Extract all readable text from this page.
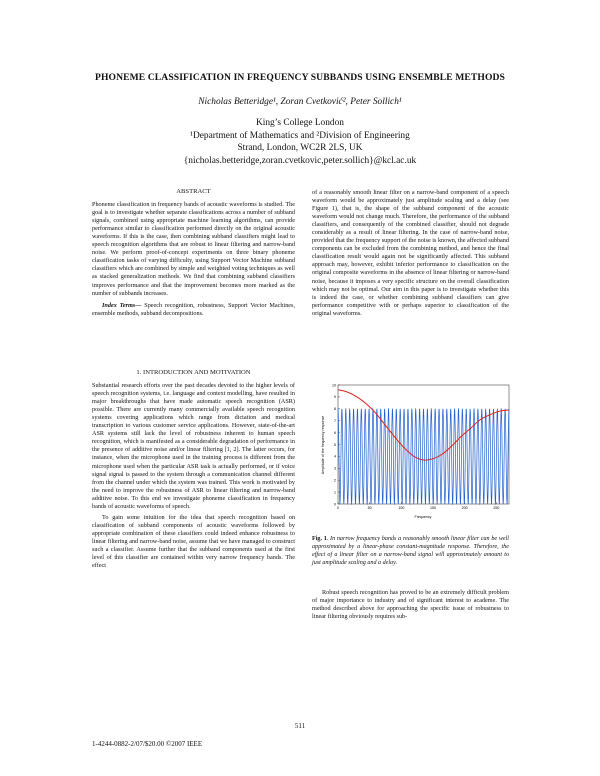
PHONEME CLASSIFICATION IN FREQUENCY SUBBANDS USING ENSEMBLE METHODS
Nicholas Betteridge¹, Zoran Cvetković², Peter Sollich¹
King’s College London
¹Department of Mathematics and ²Division of Engineering
Strand, London, WC2R 2LS, UK
{nicholas.betteridge,zoran.cvetkovic,peter.sollich}@kcl.ac.uk

ABSTRACT

Phoneme classification in frequency bands of acoustic waveforms is studied. The goal is to investigate whether separate classifications across a number of subband signals, combined using appropriate machine learning algorithms, can provide performance similar to classification performed directly on the original acoustic waveforms. If this is the case, then combining subband classifiers might lead to speech recognition algorithms that are robust to linear filtering and narrow-band noise. We perform proof-of-concept experiments on three binary phoneme classification tasks of varying difficulty, using Support Vector Machine subband classifiers which are combined by simple and weighted voting techniques as well as stacked generalization methods. We find that combining subband classifiers improves performance and that the improvement becomes more marked as the number of subbands increases.

Index Terms— Speech recognition, robustness, Support Vector Machines, ensemble methods, subband decompositions.

1. INTRODUCTION AND MOTIVATION

Substantial research efforts over the past decades devoted to the higher levels of speech recognition systems, i.e. language and context modelling, have resulted in major breakthroughs that have made automatic speech recognition (ASR) possible. There are currently many commercially available speech recognition systems covering applications which range from dictation and medical transcription to various customer service applications. However, state-of-the-art ASR systems still lack the level of robustness inherent to human speech recognition, which is manifested as a considerable degradation of performance in the presence of additive noise and/or linear filtering [1, 2]. The latter occurs, for instance, when the microphone used in the training process is different from the microphone used when the particular ASR task is actually performed, or if voice signal signal is passed to the system through a communication channel different from the channel under which the system was trained. This work is motivated by the need to improve the robustness of ASR to linear filtering and narrow-band additive noise. To this end we investigate phoneme classification in frequency bands of acoustic waveforms of speech.

To gain some intuition for the idea that speech recognition based on classification of subband components of acoustic waveforms followed by appropriate combination of these classifiers could indeed enhance robustness to linear filtering and narrow-band noise, assume that we have managed to construct such a classifier. Assume further that the subband components used at the first level of this classifier are contained within very narrow frequency bands. The effect

of a reasonably smooth linear filter on a narrow-band component of a speech waveform would be approximately just amplitude scaling and a delay (see Figure 1), that is, the shape of the subband component of the acoustic waveform would not change much. Therefore, the performance of the subband classifiers, and consequently of the combined classifier, should not degrade considerably as a result of linear filtering. In the case of narrow-band noise, provided that the frequency support of the noise is known, the affected subband components can be excluded from the combining method, and hence the final classification result would again not be significantly affected. This subband approach may, however, exhibit inferior performance to classification on the original composite waveforms in the absence of linear filtering or narrow-band noise, because it imposes a very specific structure on the overall classification which may not be optimal. Our aim in this paper is to investigate whether this is indeed the case, or whether combining subband classifiers can give performance competitive with or perhaps superior to classification of the original waveforms.

10
9
8
7
6
5
4
3
2
1
0
0	50	100	150	200	250
Amplitude of the frequency response
Frequency
Fig. 1. In narrow frequency bands a reasonably smooth linear filter can be well approximated by a linear-phase constant-magnitude response. Therefore, the effect of a linear filter on a narrow-band signal will approximately amount to just amplitude scaling and a delay.

Robust speech recognition has proved to be an extremely difficult problem of major importance to industry and of significant interest to academe. The method described above for approaching the specific issue of robustness to linear filtering obviously requires sub-

511
1-4244-0882-2/07/$20.00 ©2007 IEEE
